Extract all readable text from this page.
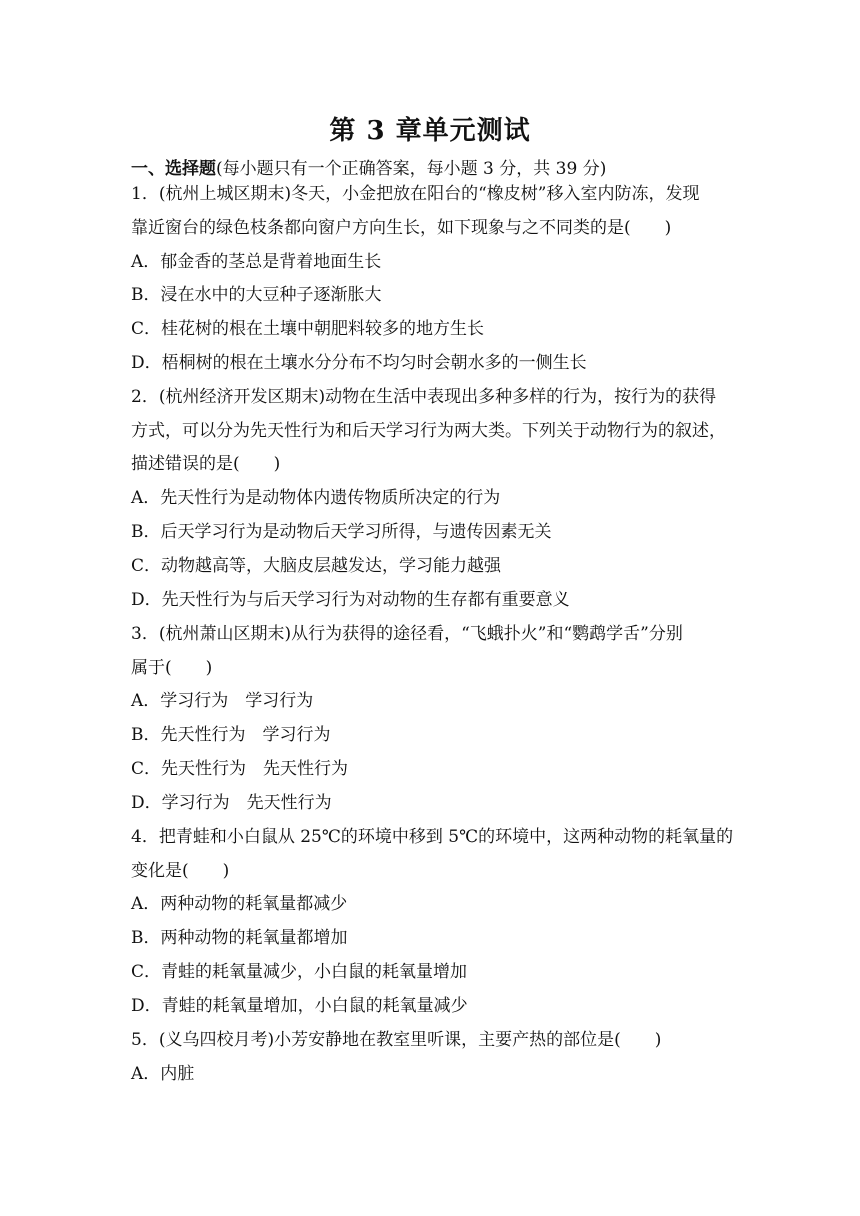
第 3 章单元测试
一、选择题(每小题只有一个正确答案，每小题 3 分，共 39 分)
1．(杭州上城区期末)冬天，小金把放在阳台的“橡皮树”移入室内防冻，发现
靠近窗台的绿色枝条都向窗户方向生长，如下现象与之不同类的是(　　)
A．郁金香的茎总是背着地面生长
B．浸在水中的大豆种子逐渐胀大
C．桂花树的根在土壤中朝肥料较多的地方生长
D．梧桐树的根在土壤水分分布不均匀时会朝水多的一侧生长
2．(杭州经济开发区期末)动物在生活中表现出多种多样的行为，按行为的获得
方式，可以分为先天性行为和后天学习行为两大类。下列关于动物行为的叙述，
描述错误的是(　　)
A．先天性行为是动物体内遗传物质所决定的行为
B．后天学习行为是动物后天学习所得，与遗传因素无关
C．动物越高等，大脑皮层越发达，学习能力越强
D．先天性行为与后天学习行为对动物的生存都有重要意义
3．(杭州萧山区期末)从行为获得的途径看，“飞蛾扑火”和“鹦鹉学舌”分别
属于(　　)
A．学习行为　学习行为
B．先天性行为　学习行为
C．先天性行为　先天性行为
D．学习行为　先天性行为
4．把青蛙和小白鼠从 25℃的环境中移到 5℃的环境中，这两种动物的耗氧量的
变化是(　　)
A．两种动物的耗氧量都减少
B．两种动物的耗氧量都增加
C．青蛙的耗氧量减少，小白鼠的耗氧量增加
D．青蛙的耗氧量增加，小白鼠的耗氧量减少
5．(义乌四校月考)小芳安静地在教室里听课，主要产热的部位是(　　)
A．内脏
